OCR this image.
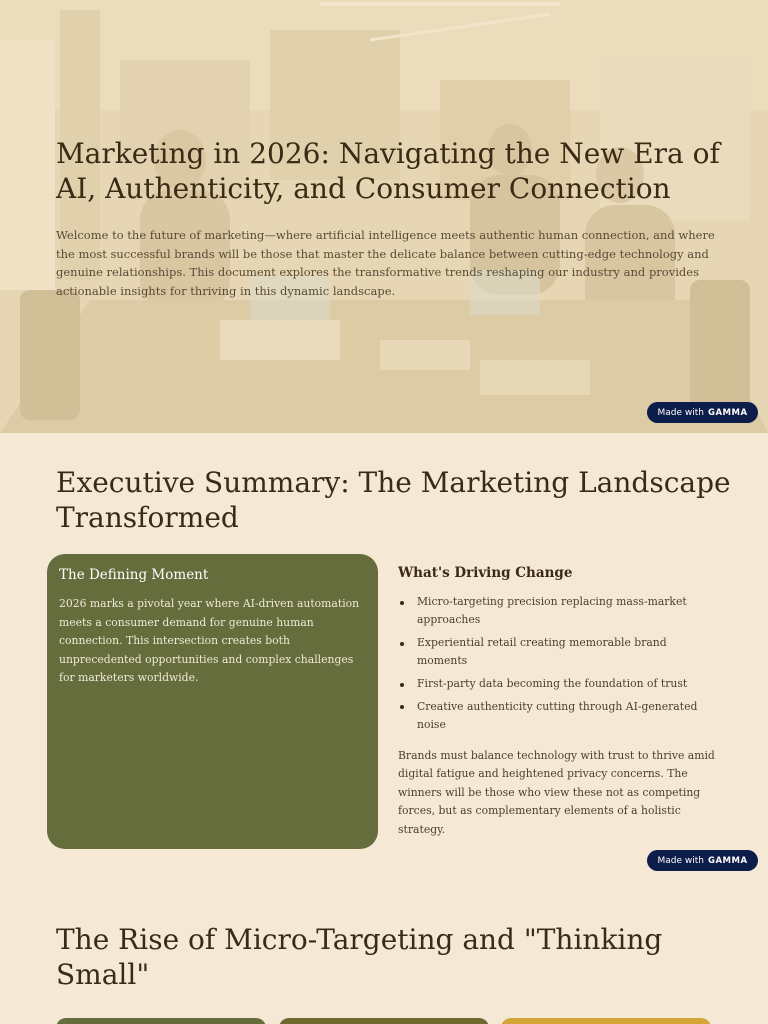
Marketing in 2026: Navigating the New Era of AI, Authenticity, and Consumer Connection

Welcome to the future of marketing—where artificial intelligence meets authentic human connection, and where the most successful brands will be those that master the delicate balance between cutting-edge technology and genuine relationships. This document explores the transformative trends reshaping our industry and provides actionable insights for thriving in this dynamic landscape.

Made with GAMMA
Executive Summary: The Marketing Landscape Transformed
The Defining Moment

2026 marks a pivotal year where AI-driven automation meets a consumer demand for genuine human connection. This intersection creates both unprecedented opportunities and complex challenges for marketers worldwide.

What's Driving Change
Micro-targeting precision replacing mass-market approaches
Experiential retail creating memorable brand moments
First-party data becoming the foundation of trust
Creative authenticity cutting through AI-generated noise

Brands must balance technology with trust to thrive amid digital fatigue and heightened privacy concerns. The winners will be those who view these not as competing forces, but as complementary elements of a holistic strategy.

Made with GAMMA
The Rise of Micro-Targeting and "Thinking Small"
